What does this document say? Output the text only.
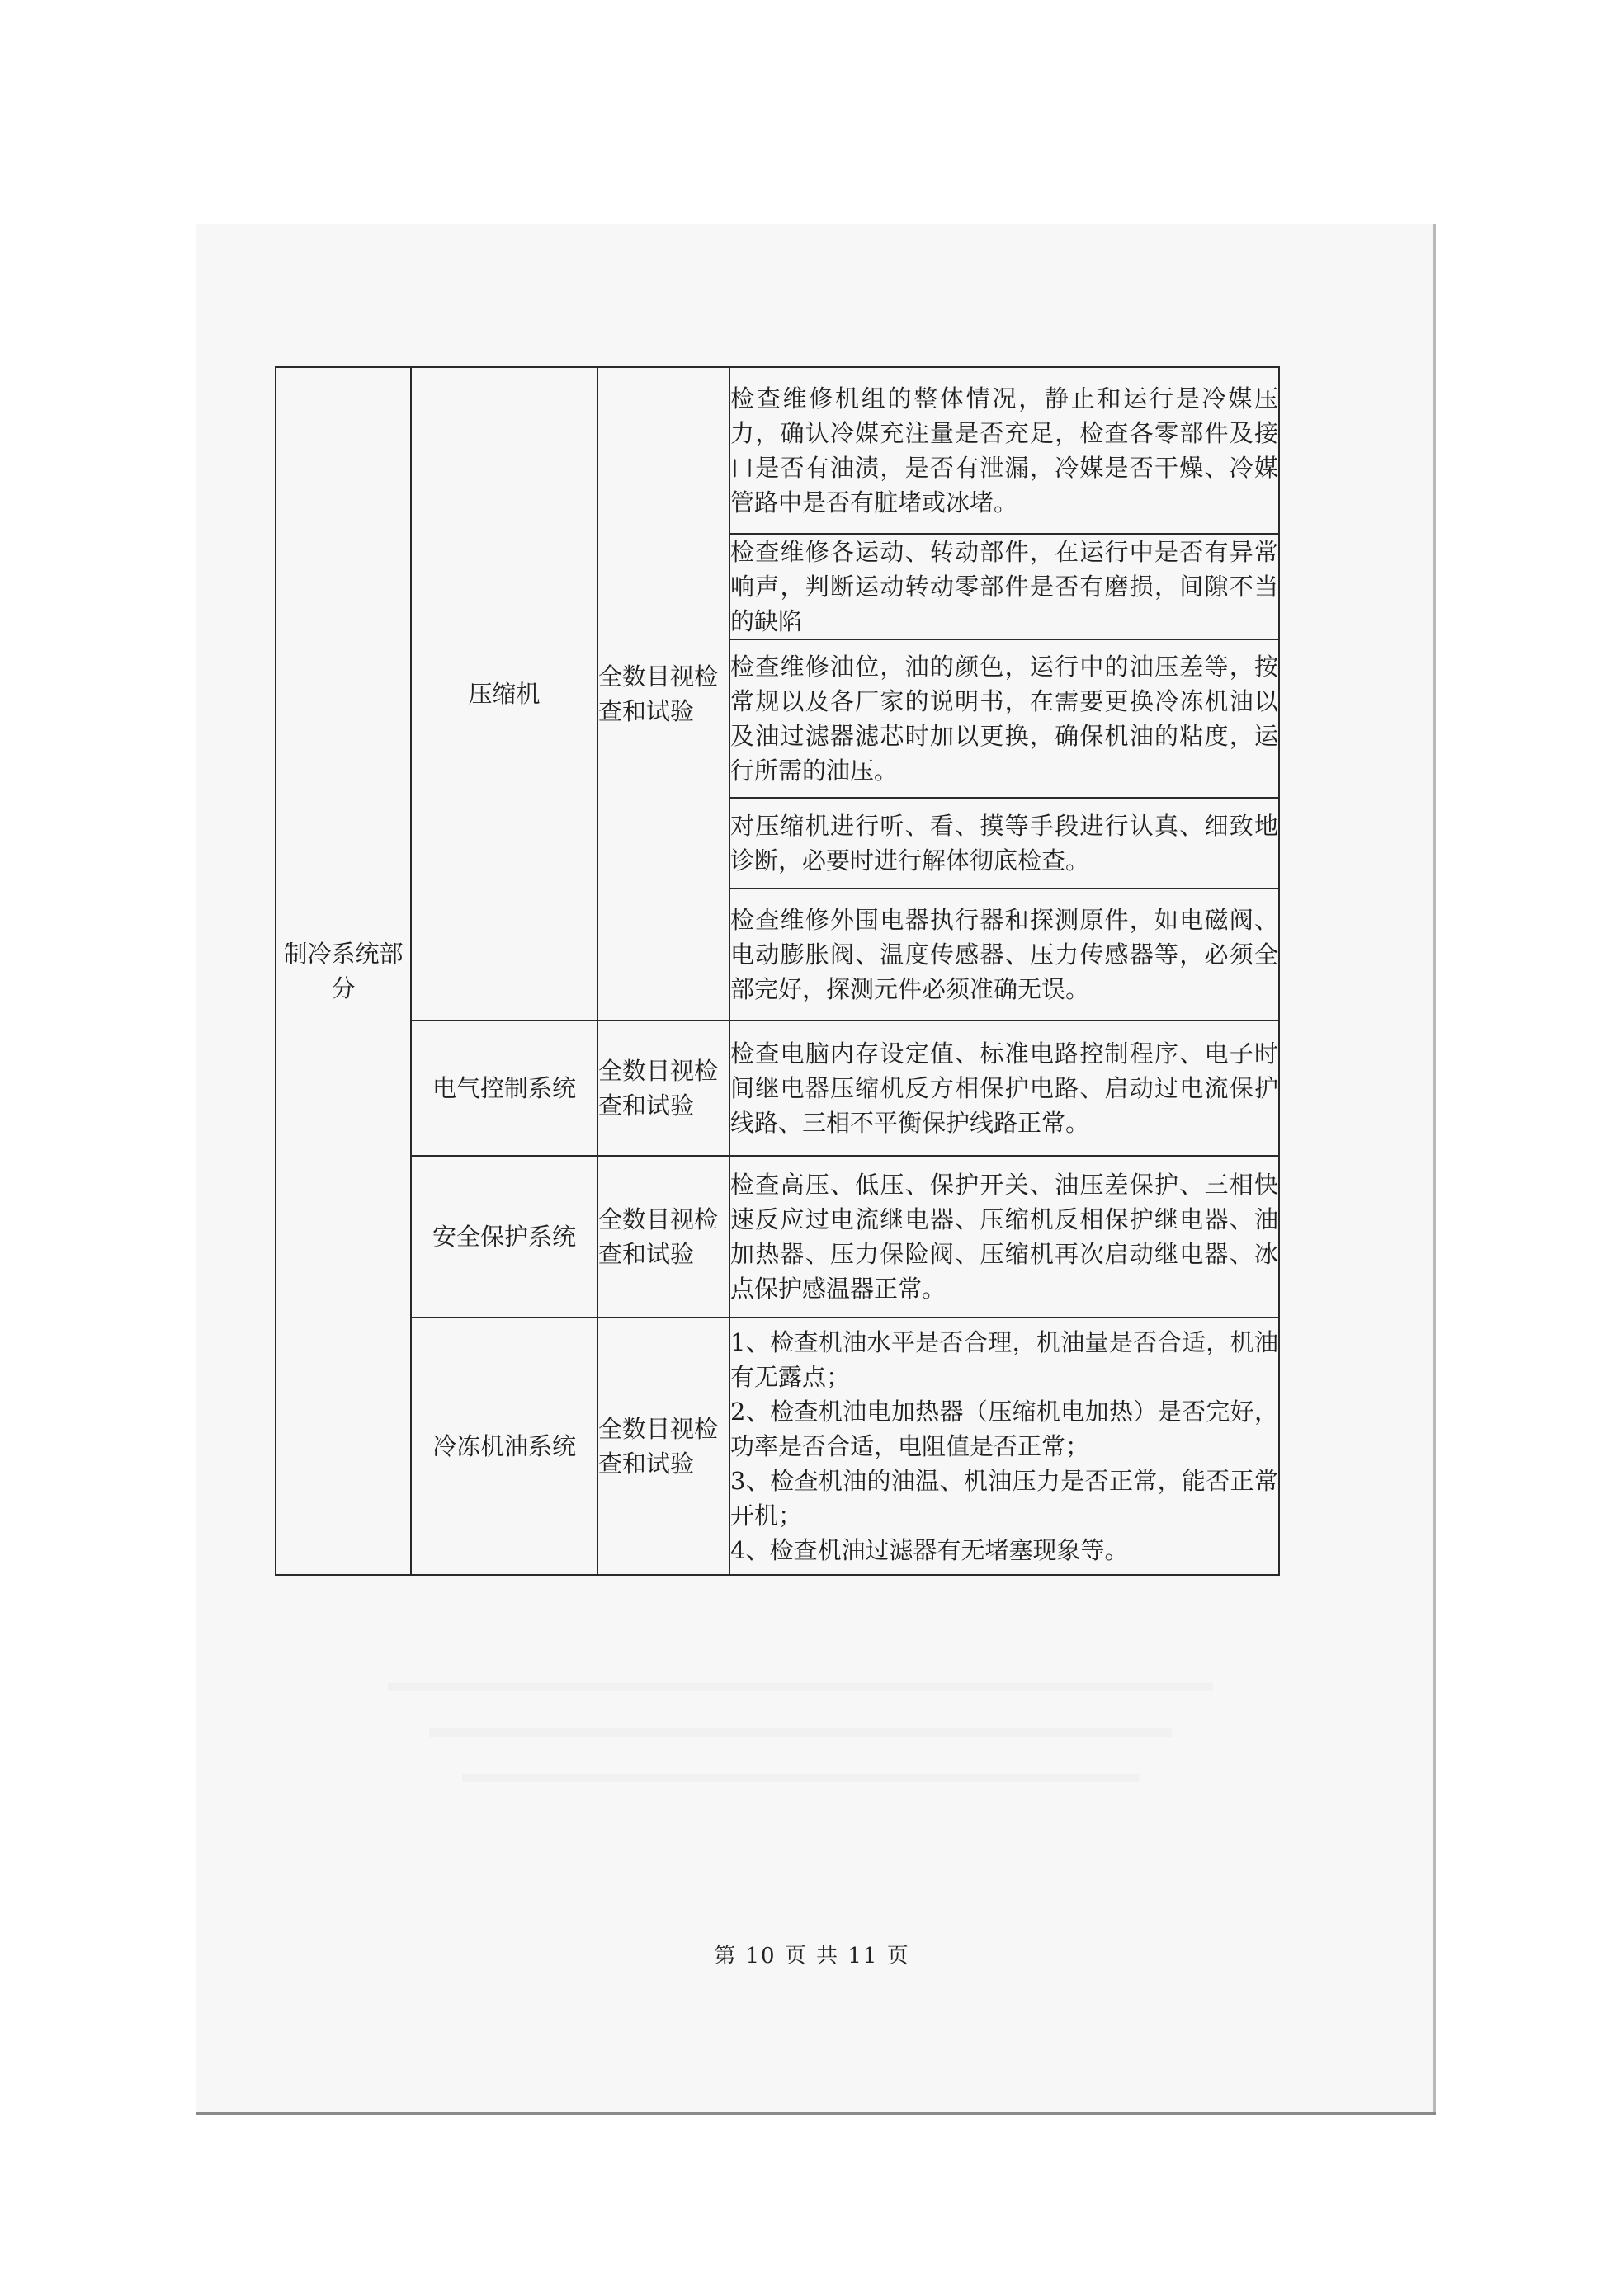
制冷系统部分	压缩机	全数目视检查和试验	检查维修机组的整体情况，静止和运行是冷媒压力，确认冷媒充注量是否充足，检查各零部件及接口是否有油渍，是否有泄漏，冷媒是否干燥、冷媒管路中是否有脏堵或冰堵。
			检查维修各运动、转动部件，在运行中是否有异常响声，判断运动转动零部件是否有磨损，间隙不当的缺陷
			检查维修油位，油的颜色，运行中的油压差等，按常规以及各厂家的说明书，在需要更换冷冻机油以及油过滤器滤芯时加以更换，确保机油的粘度，运行所需的油压。
			对压缩机进行听、看、摸等手段进行认真、细致地诊断，必要时进行解体彻底检查。
			检查维修外围电器执行器和探测原件，如电磁阀、电动膨胀阀、温度传感器、压力传感器等，必须全部完好，探测元件必须准确无误。
	电气控制系统	全数目视检查和试验	检查电脑内存设定值、标准电路控制程序、电子时间继电器压缩机反方相保护电路、启动过电流保护线路、三相不平衡保护线路正常。
	安全保护系统	全数目视检查和试验	检查高压、低压、保护开关、油压差保护、三相快速反应过电流继电器、压缩机反相保护继电器、油加热器、压力保险阀、压缩机再次启动继电器、冰点保护感温器正常。
	冷冻机油系统	全数目视检查和试验	1、检查机油水平是否合理，机油量是否合适，机油有无露点；
2、检查机油电加热器（压缩机电加热）是否完好，功率是否合适，电阻值是否正常；
3、检查机油的油温、机油压力是否正常，能否正常开机；
4、检查机油过滤器有无堵塞现象等。
第 10 页 共 11 页
